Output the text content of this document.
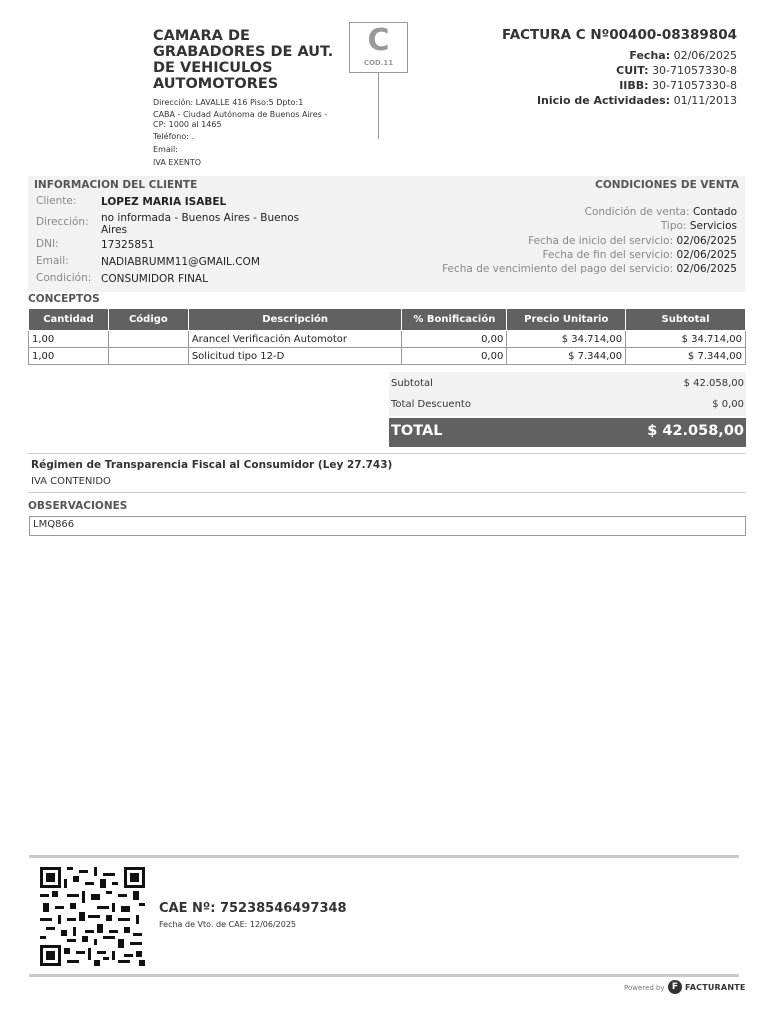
CAMARA DE
GRABADORES DE AUT.
DE VEHICULOS
AUTOMOTORES
Dirección: LAVALLE 416 Piso:5 Dpto:1
CABA - Ciudad Autónoma de Buenos Aires -
CP: 1000 al 1465
Teléfono: .
Email:
IVA EXENTO
C
COD.11
FACTURA C Nº00400-08389804
Fecha: 02/06/2025
CUIT: 30-71057330-8
IIBB: 30-71057330-8
Inicio de Actividades: 01/11/2013
INFORMACION DEL CLIENTE	CONDICIONES DE VENTA
Cliente: LOPEZ MARIA ISABEL
Dirección: no informada - Buenos Aires - Buenos
Aires
DNI:	17325851
Email:	NADIABRUMM11@GMAIL.COM
Condición: CONSUMIDOR FINAL
Condición de venta: Contado
Tipo: Servicios
Fecha de inicio del servicio: 02/06/2025
Fecha de fin del servicio: 02/06/2025
Fecha de vencimiento del pago del servicio: 02/06/2025
CONCEPTOS
Cantidad	Código	Descripción	% Bonificación	Precio Unitario	Subtotal
1,00		Arancel Verificación Automotor	0,00	$ 34.714,00	$ 34.714,00
1,00		Solicitud tipo 12-D	0,00	$ 7.344,00	$ 7.344,00
Subtotal	$ 42.058,00
Total Descuento	$ 0,00
TOTAL	$ 42.058,00
Régimen de Transparencia Fiscal al Consumidor (Ley 27.743)
IVA CONTENIDO
OBSERVACIONES
LMQ866
CAE Nº: 75238546497348
Fecha de Vto. de CAE: 12/06/2025
Powered by F FACTURANTE
